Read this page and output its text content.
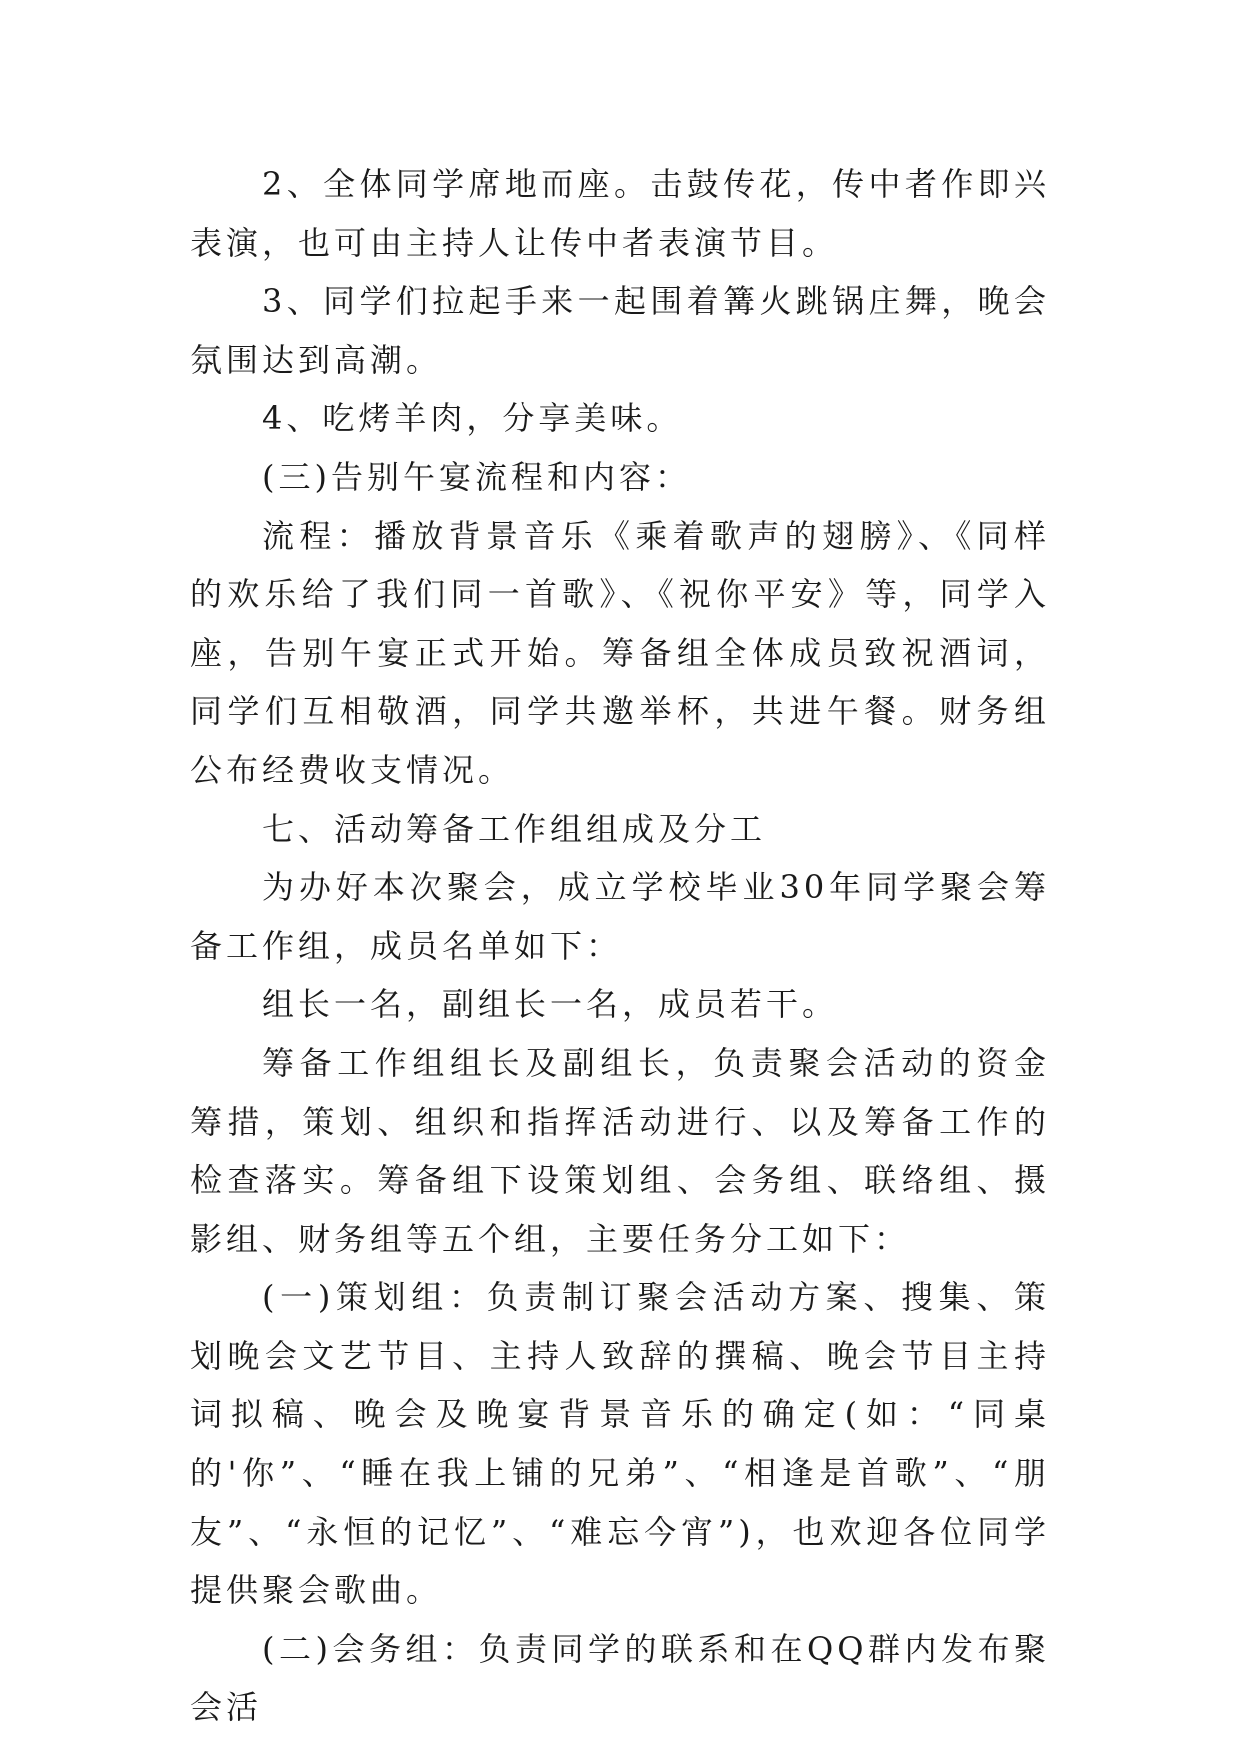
2、全体同学席地而座。击鼓传花，传中者作即兴表演，也可由主持人让传中者表演节目。

3、同学们拉起手来一起围着篝火跳锅庄舞，晚会氛围达到高潮。

4、吃烤羊肉，分享美味。

(三)告别午宴流程和内容：

流程：播放背景音乐《乘着歌声的翅膀》、《同样的欢乐给了我们同一首歌》、《祝你平安》等，同学入座，告别午宴正式开始。筹备组全体成员致祝酒词，同学们互相敬酒，同学共邀举杯，共进午餐。财务组公布经费收支情况。

七、活动筹备工作组组成及分工

为办好本次聚会，成立学校毕业30年同学聚会筹备工作组，成员名单如下：

组长一名，副组长一名，成员若干。

筹备工作组组长及副组长，负责聚会活动的资金筹措，策划、组织和指挥活动进行、以及筹备工作的检查落实。筹备组下设策划组、会务组、联络组、摄影组、财务组等五个组，主要任务分工如下：

(一)策划组：负责制订聚会活动方案、搜集、策划晚会文艺节目、主持人致辞的撰稿、晚会节目主持词拟稿、晚会及晚宴背景音乐的确定(如：“同桌的'你”、“睡在我上铺的兄弟”、“相逢是首歌”、“朋友”、“永恒的记忆”、“难忘今宵”)，也欢迎各位同学提供聚会歌曲。

(二)会务组：负责同学的联系和在QQ群内发布聚会活
